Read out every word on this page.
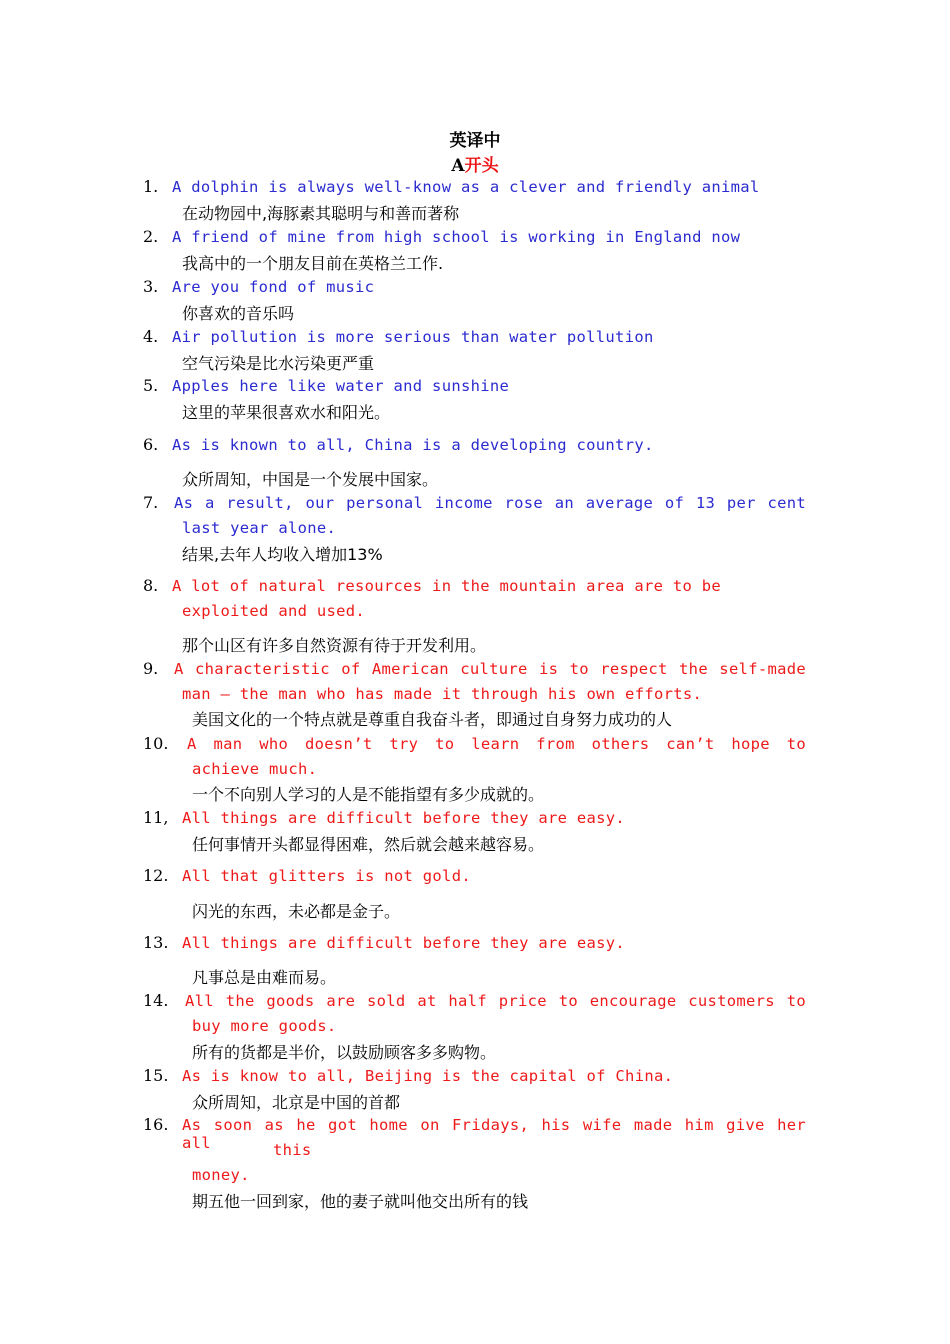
英译中
A开头
1. A dolphin is always well-know as a clever and friendly animal
在动物园中,海豚素其聪明与和善而著称
2. A friend of mine from high school is working in England now
我高中的一个朋友目前在英格兰工作.
3. Are you fond of music
你喜欢的音乐吗
4. Air pollution is more serious than water pollution
空气污染是比水污染更严重
5. Apples here like water and sunshine
这里的苹果很喜欢水和阳光。
6. As is known to all, China is a developing country.
众所周知，中国是一个发展中国家。
7. As a result, our personal income rose an average of 13 per cent
last year alone.
结果,去年人均收入增加13%
8. A lot of natural resources in the mountain area are to be
exploited and used.
那个山区有许多自然资源有待于开发利用。
9. A characteristic of American culture is to respect the self-made
man – the man who has made it through his own efforts.
美国文化的一个特点就是尊重自我奋斗者，即通过自身努力成功的人
10. A man who doesn’t try to learn from others can’t hope to
achieve much.
一个不向别人学习的人是不能指望有多少成就的。
11, All things are difficult before they are easy.
任何事情开头都显得困难，然后就会越来越容易。
12. All that glitters is not gold.
闪光的东西，未必都是金子。
13. All things are difficult before they are easy.
凡事总是由难而易。
14. All the goods are sold at half price to encourage customers to
buy more goods.
所有的货都是半价，以鼓励顾客多多购物。
15. As is know to all, Beijing is the capital of China.
众所周知，北京是中国的首都
16. As soon as he got home on Fridays, his wife made him give her all	this
money.
期五他一回到家，他的妻子就叫他交出所有的钱
